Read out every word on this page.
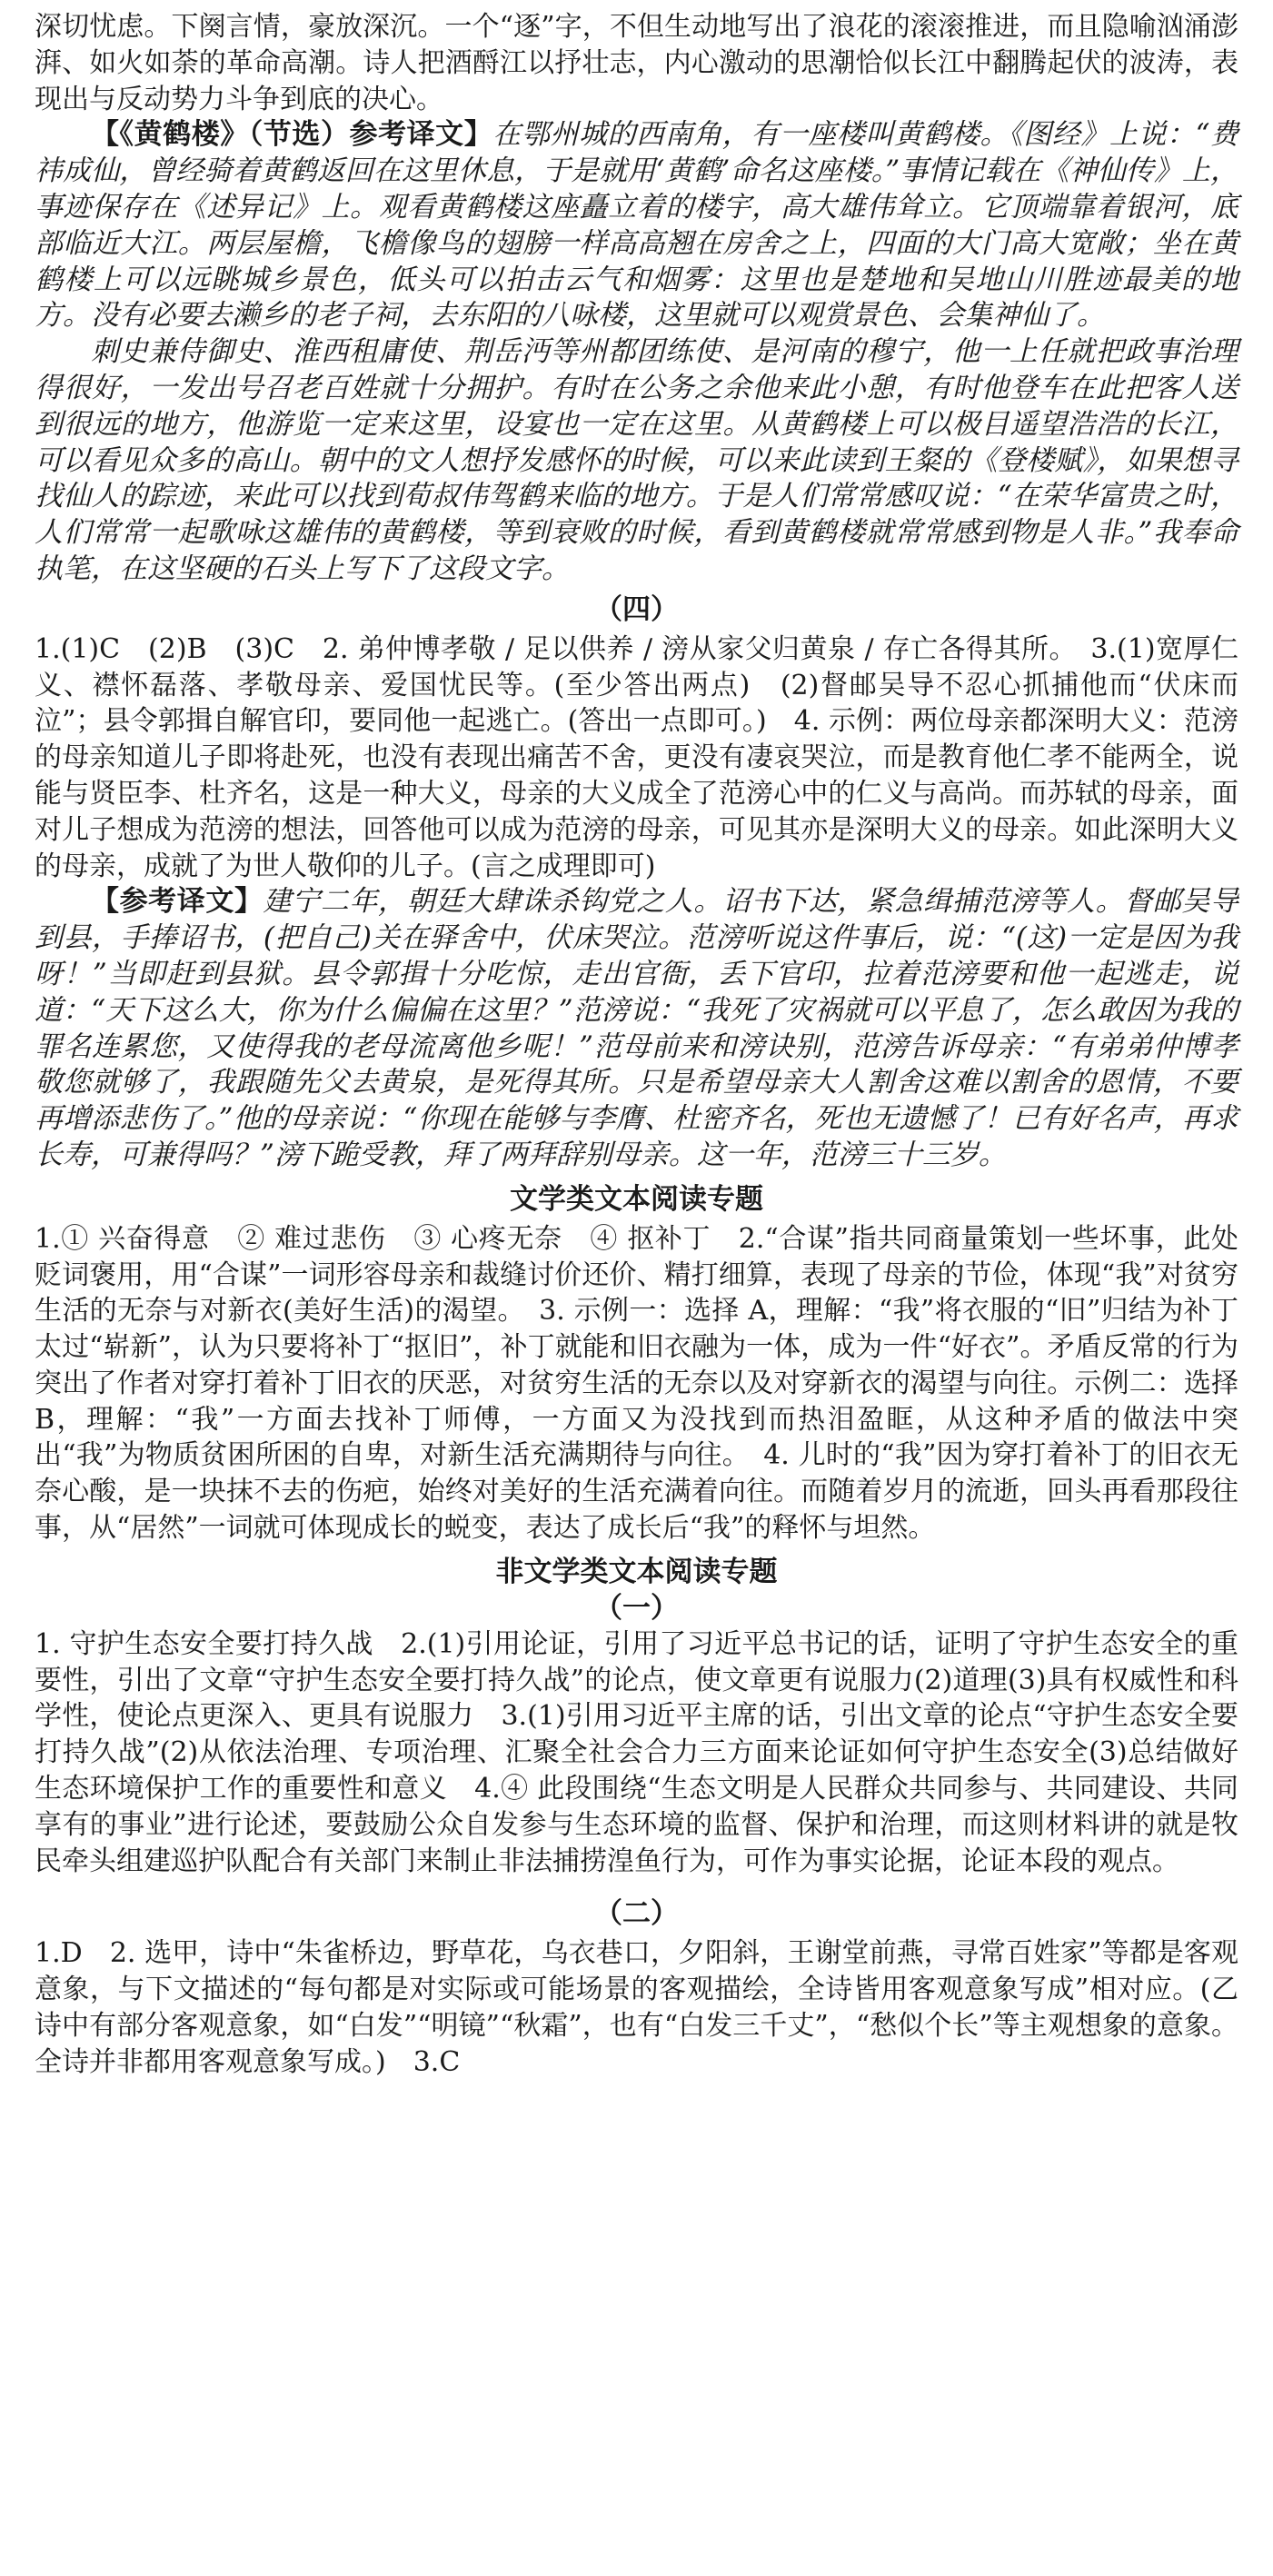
深切忧虑。下阕言情，豪放深沉。一个“逐”字，不但生动地写出了浪花的滚滚推进，而且隐喻汹涌澎湃、如火如荼的革命高潮。诗人把酒酹江以抒壮志，内心激动的思潮恰似长江中翻腾起伏的波涛，表现出与反动势力斗争到底的决心。

【《黄鹤楼》（节选）参考译文】在鄂州城的西南角，有一座楼叫黄鹤楼。《图经》上说：“费祎成仙，曾经骑着黄鹤返回在这里休息，于是就用‘黄鹤’命名这座楼。”事情记载在《神仙传》上，事迹保存在《述异记》上。观看黄鹤楼这座矗立着的楼宇，高大雄伟耸立。它顶端靠着银河，底部临近大江。两层屋檐，飞檐像鸟的翅膀一样高高翘在房舍之上，四面的大门高大宽敞；坐在黄鹤楼上可以远眺城乡景色，低头可以拍击云气和烟雾：这里也是楚地和吴地山川胜迹最美的地方。没有必要去濑乡的老子祠，去东阳的八咏楼，这里就可以观赏景色、会集神仙了。

刺史兼侍御史、淮西租庸使、荆岳沔等州都团练使、是河南的穆宁，他一上任就把政事治理得很好，一发出号召老百姓就十分拥护。有时在公务之余他来此小憩，有时他登车在此把客人送到很远的地方，他游览一定来这里，设宴也一定在这里。从黄鹤楼上可以极目遥望浩浩的长江，可以看见众多的高山。朝中的文人想抒发感怀的时候，可以来此读到王粲的《登楼赋》，如果想寻找仙人的踪迹，来此可以找到荀叔伟驾鹤来临的地方。于是人们常常感叹说：“在荣华富贵之时，人们常常一起歌咏这雄伟的黄鹤楼，等到衰败的时候，看到黄鹤楼就常常感到物是人非。”我奉命执笔，在这坚硬的石头上写下了这段文字。

（四）

1.(1)C　(2)B　(3)C　2. 弟仲博孝敬 / 足以供养 / 滂从家父归黄泉 / 存亡各得其所。　3.(1)宽厚仁义、襟怀磊落、孝敬母亲、爱国忧民等。(至少答出两点)　(2)督邮吴导不忍心抓捕他而“伏床而泣”；县令郭揖自解官印，要同他一起逃亡。(答出一点即可。)　4. 示例：两位母亲都深明大义：范滂的母亲知道儿子即将赴死，也没有表现出痛苦不舍，更没有凄哀哭泣，而是教育他仁孝不能两全，说能与贤臣李、杜齐名，这是一种大义，母亲的大义成全了范滂心中的仁义与高尚。而苏轼的母亲，面对儿子想成为范滂的想法，回答他可以成为范滂的母亲，可见其亦是深明大义的母亲。如此深明大义的母亲，成就了为世人敬仰的儿子。(言之成理即可)

【参考译文】建宁二年，朝廷大肆诛杀钩党之人。诏书下达，紧急缉捕范滂等人。督邮吴导到县，手捧诏书，(把自己)关在驿舍中，伏床哭泣。范滂听说这件事后，说：“(这)一定是因为我呀！”当即赶到县狱。县令郭揖十分吃惊，走出官衙，丢下官印，拉着范滂要和他一起逃走，说道：“天下这么大，你为什么偏偏在这里？”范滂说：“我死了灾祸就可以平息了，怎么敢因为我的罪名连累您，又使得我的老母流离他乡呢！”范母前来和滂诀别，范滂告诉母亲：“有弟弟仲博孝敬您就够了，我跟随先父去黄泉，是死得其所。只是希望母亲大人割舍这难以割舍的恩情，不要再增添悲伤了。”他的母亲说：“你现在能够与李膺、杜密齐名，死也无遗憾了！已有好名声，再求长寿，可兼得吗？”滂下跪受教，拜了两拜辞别母亲。这一年，范滂三十三岁。

文学类文本阅读专题

1.① 兴奋得意　② 难过悲伤　③ 心疼无奈　④ 抠补丁　2.“合谋”指共同商量策划一些坏事，此处贬词褒用，用“合谋”一词形容母亲和裁缝讨价还价、精打细算，表现了母亲的节俭，体现“我”对贫穷生活的无奈与对新衣(美好生活)的渴望。　3. 示例一：选择 A，理解：“我”将衣服的“旧”归结为补丁太过“崭新”，认为只要将补丁“抠旧”，补丁就能和旧衣融为一体，成为一件“好衣”。矛盾反常的行为突出了作者对穿打着补丁旧衣的厌恶，对贫穷生活的无奈以及对穿新衣的渴望与向往。示例二：选择 B，理解：“我”一方面去找补丁师傅，一方面又为没找到而热泪盈眶，从这种矛盾的做法中突出“我”为物质贫困所困的自卑，对新生活充满期待与向往。　4. 儿时的“我”因为穿打着补丁的旧衣无奈心酸，是一块抹不去的伤疤，始终对美好的生活充满着向往。而随着岁月的流逝，回头再看那段往事，从“居然”一词就可体现成长的蜕变，表达了成长后“我”的释怀与坦然。

非文学类文本阅读专题

（一）

1. 守护生态安全要打持久战　2.(1)引用论证，引用了习近平总书记的话，证明了守护生态安全的重要性，引出了文章“守护生态安全要打持久战”的论点，使文章更有说服力(2)道理(3)具有权威性和科学性，使论点更深入、更具有说服力　3.(1)引用习近平主席的话，引出文章的论点“守护生态安全要打持久战”(2)从依法治理、专项治理、汇聚全社会合力三方面来论证如何守护生态安全(3)总结做好生态环境保护工作的重要性和意义　4.④ 此段围绕“生态文明是人民群众共同参与、共同建设、共同享有的事业”进行论述，要鼓励公众自发参与生态环境的监督、保护和治理，而这则材料讲的就是牧民牵头组建巡护队配合有关部门来制止非法捕捞湟鱼行为，可作为事实论据，论证本段的观点。

（二）

1.D　2. 选甲，诗中“朱雀桥边，野草花，乌衣巷口，夕阳斜，王谢堂前燕，寻常百姓家”等都是客观意象，与下文描述的“每句都是对实际或可能场景的客观描绘，全诗皆用客观意象写成”相对应。(乙诗中有部分客观意象，如“白发”“明镜”“秋霜”，也有“白发三千丈”，“愁似个长”等主观想象的意象。全诗并非都用客观意象写成。)　3.C
